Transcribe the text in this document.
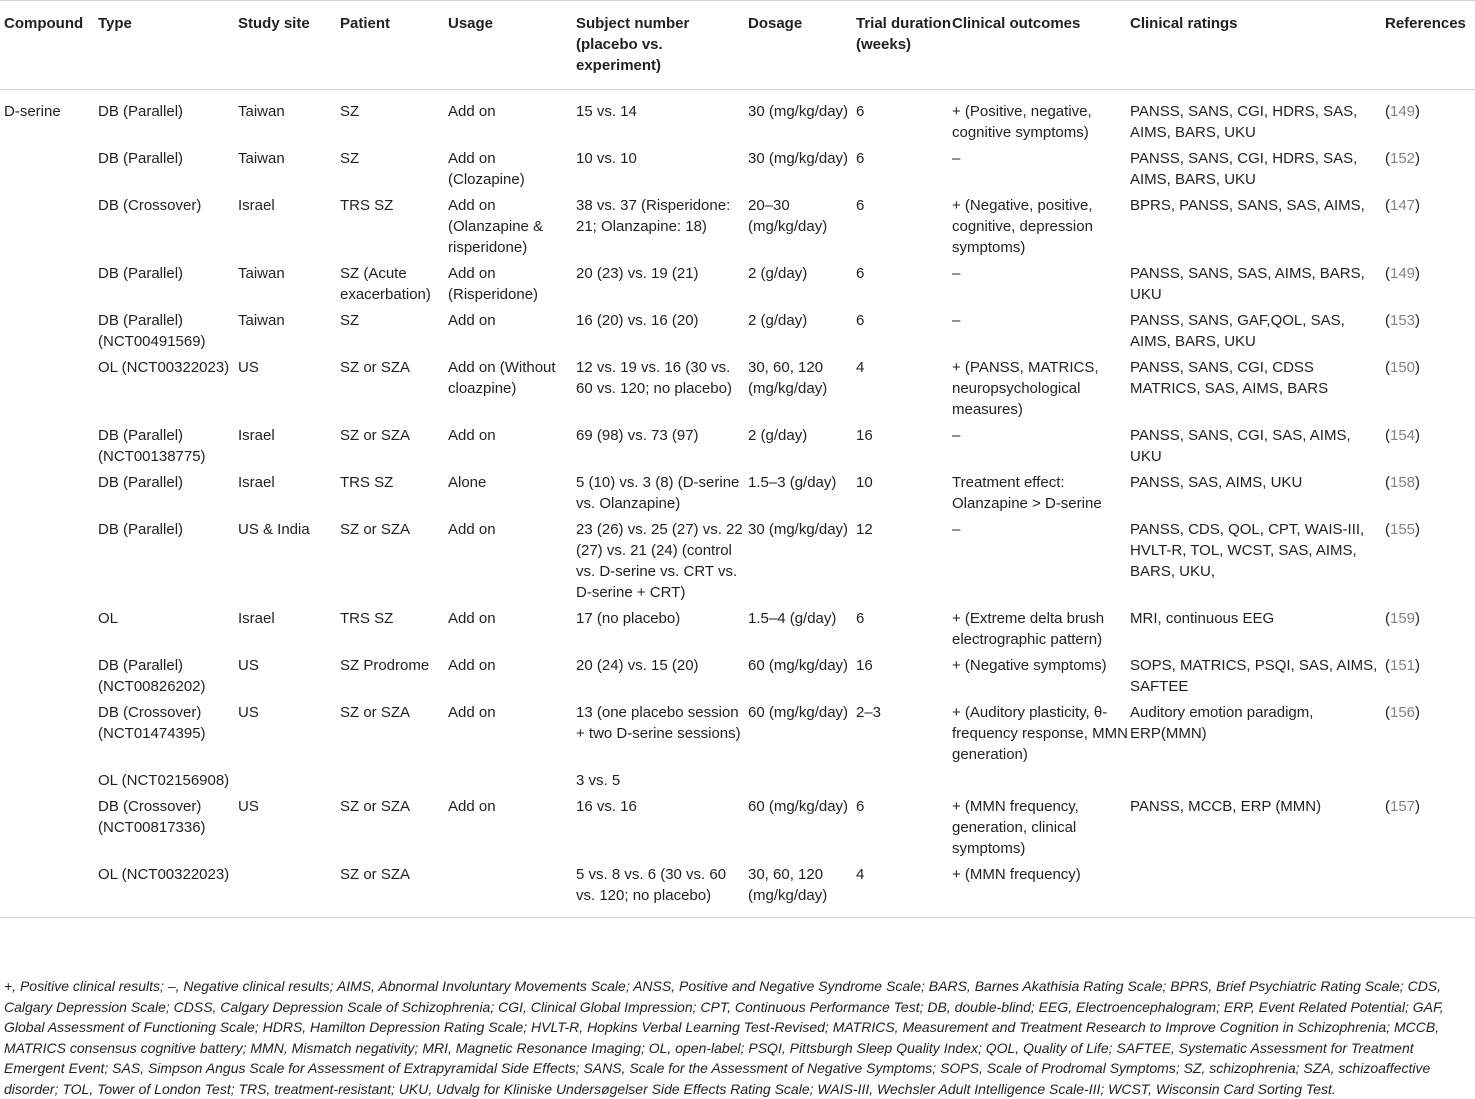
Compound	Type	Study site	Patient	Usage	Subject number (placebo vs. experiment)	Dosage	Trial duration (weeks)	Clinical outcomes	Clinical ratings	References
D-serine	DB (Parallel)	Taiwan	SZ	Add on	15 vs. 14	30 (mg/kg/day)	6	+ (Positive, negative, cognitive symptoms)	PANSS, SANS, CGI, HDRS, SAS, AIMS, BARS, UKU	(149)
	DB (Parallel)	Taiwan	SZ	Add on (Clozapine)	10 vs. 10	30 (mg/kg/day)	6	–	PANSS, SANS, CGI, HDRS, SAS, AIMS, BARS, UKU	(152)
	DB (Crossover)	Israel	TRS SZ	Add on (Olanzapine & risperidone)	38 vs. 37 (Risperidone: 21; Olanzapine: 18)	20–30 (mg/kg/day)	6	+ (Negative, positive, cognitive, depression symptoms)	BPRS, PANSS, SANS, SAS, AIMS,	(147)
	DB (Parallel)	Taiwan	SZ (Acute exacerbation)	Add on (Risperidone)	20 (23) vs. 19 (21)	2 (g/day)	6	–	PANSS, SANS, SAS, AIMS, BARS, UKU	(149)
	DB (Parallel) (NCT00491569)	Taiwan	SZ	Add on	16 (20) vs. 16 (20)	2 (g/day)	6	–	PANSS, SANS, GAF,QOL, SAS, AIMS, BARS, UKU	(153)
	OL (NCT00322023)	US	SZ or SZA	Add on (Without cloazpine)	12 vs. 19 vs. 16 (30 vs. 60 vs. 120; no placebo)	30, 60, 120 (mg/kg/day)	4	+ (PANSS, MATRICS, neuropsychological measures)	PANSS, SANS, CGI, CDSS MATRICS, SAS, AIMS, BARS	(150)
	DB (Parallel) (NCT00138775)	Israel	SZ or SZA	Add on	69 (98) vs. 73 (97)	2 (g/day)	16	–	PANSS, SANS, CGI, SAS, AIMS, UKU	(154)
	DB (Parallel)	Israel	TRS SZ	Alone	5 (10) vs. 3 (8) (D-serine vs. Olanzapine)	1.5–3 (g/day)	10	Treatment effect: Olanzapine > D-serine	PANSS, SAS, AIMS, UKU	(158)
	DB (Parallel)	US & India	SZ or SZA	Add on	23 (26) vs. 25 (27) vs. 22 (27) vs. 21 (24) (control vs. D-serine vs. CRT vs. D-serine + CRT)	30 (mg/kg/day)	12	–	PANSS, CDS, QOL, CPT, WAIS-III, HVLT-R, TOL, WCST, SAS, AIMS, BARS, UKU,	(155)
	OL	Israel	TRS SZ	Add on	17 (no placebo)	1.5–4 (g/day)	6	+ (Extreme delta brush electrographic pattern)	MRI, continuous EEG	(159)
	DB (Parallel) (NCT00826202)	US	SZ Prodrome	Add on	20 (24) vs. 15 (20)	60 (mg/kg/day)	16	+ (Negative symptoms)	SOPS, MATRICS, PSQI, SAS, AIMS, SAFTEE	(151)
	DB (Crossover) (NCT01474395)	US	SZ or SZA	Add on	13 (one placebo session + two D-serine sessions)	60 (mg/kg/day)	2–3	+ (Auditory plasticity, θ-frequency response, MMN generation)	Auditory emotion paradigm, ERP(MMN)	(156)
	OL (NCT02156908)				3 vs. 5					
	DB (Crossover) (NCT00817336)	US	SZ or SZA	Add on	16 vs. 16	60 (mg/kg/day)	6	+ (MMN frequency, generation, clinical symptoms)	PANSS, MCCB, ERP (MMN)	(157)
	OL (NCT00322023)		SZ or SZA		5 vs. 8 vs. 6 (30 vs. 60 vs. 120; no placebo)	30, 60, 120 (mg/kg/day)	4	+ (MMN frequency)		

+, Positive clinical results; –, Negative clinical results; AIMS, Abnormal Involuntary Movements Scale; ANSS, Positive and Negative Syndrome Scale; BARS, Barnes Akathisia Rating Scale; BPRS, Brief Psychiatric Rating Scale; CDS, Calgary Depression Scale; CDSS, Calgary Depression Scale of Schizophrenia; CGI, Clinical Global Impression; CPT, Continuous Performance Test; DB, double-blind; EEG, Electroencephalogram; ERP, Event Related Potential; GAF, Global Assessment of Functioning Scale; HDRS, Hamilton Depression Rating Scale; HVLT-R, Hopkins Verbal Learning Test-Revised; MATRICS, Measurement and Treatment Research to Improve Cognition in Schizophrenia; MCCB, MATRICS consensus cognitive battery; MMN, Mismatch negativity; MRI, Magnetic Resonance Imaging; OL, open-label; PSQI, Pittsburgh Sleep Quality Index; QOL, Quality of Life; SAFTEE, Systematic Assessment for Treatment Emergent Event; SAS, Simpson Angus Scale for Assessment of Extrapyramidal Side Effects; SANS, Scale for the Assessment of Negative Symptoms; SOPS, Scale of Prodromal Symptoms; SZ, schizophrenia; SZA, schizoaffective disorder; TOL, Tower of London Test; TRS, treatment-resistant; UKU, Udvalg for Kliniske Undersøgelser Side Effects Rating Scale; WAIS-III, Wechsler Adult Intelligence Scale-III; WCST, Wisconsin Card Sorting Test.
